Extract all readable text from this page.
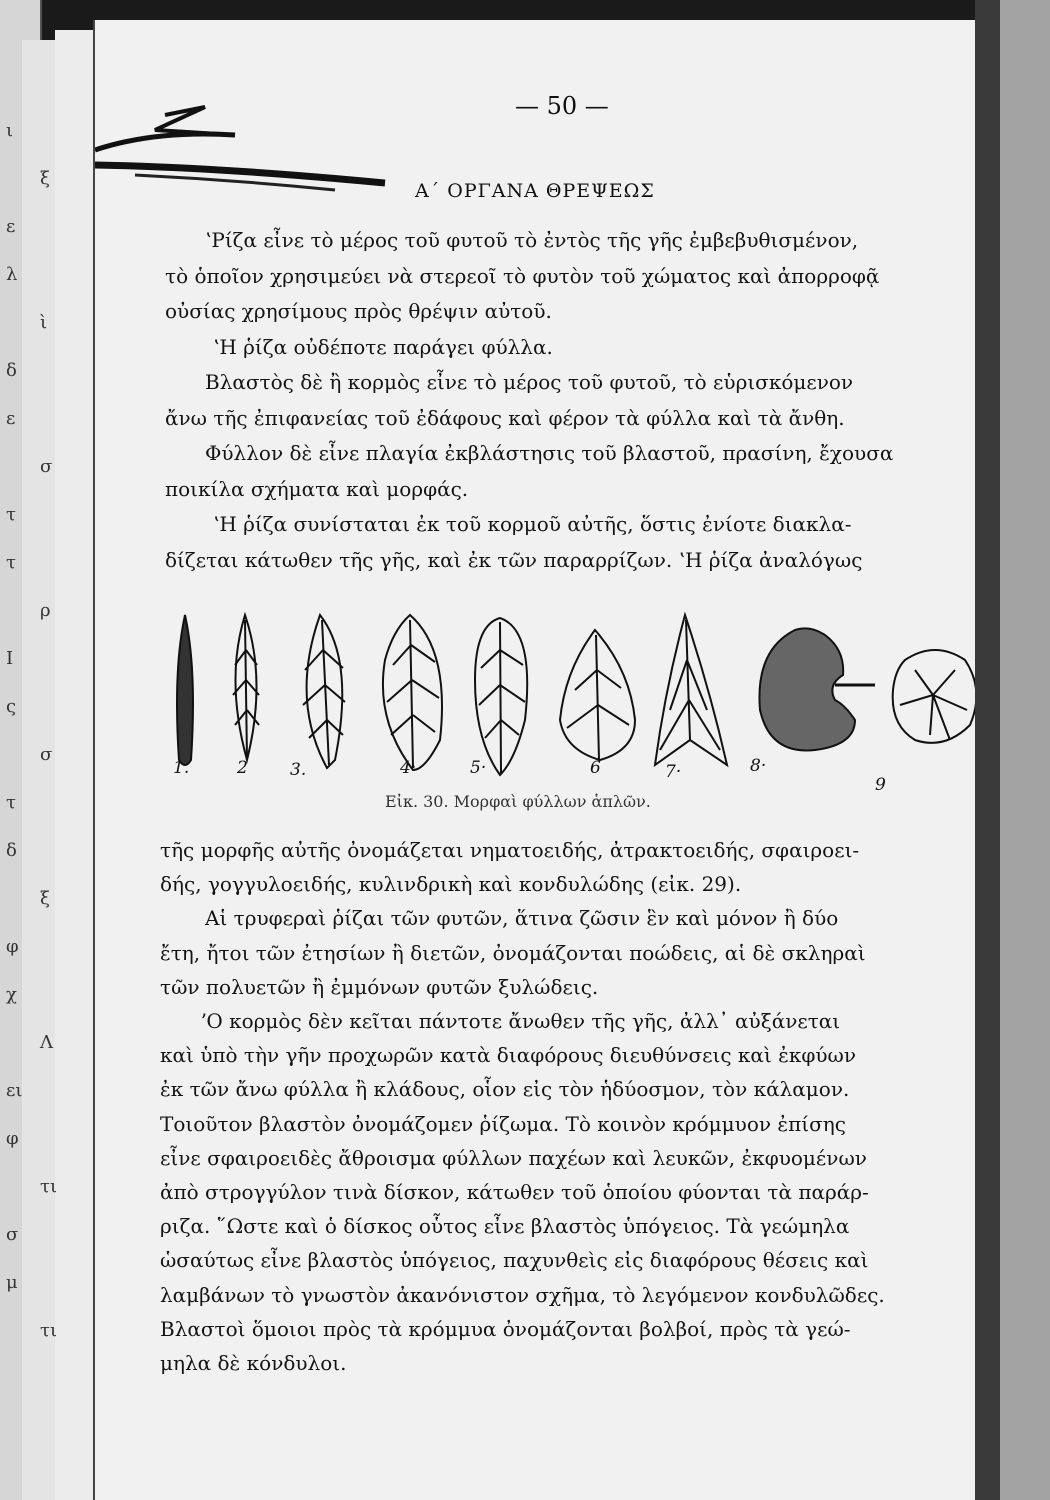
ι
ξ
ε
λ
ὶ
δ
ε
σ
τ
τ
ρ
Ι
ς
σ
τ
δ
ξ
φ
χ
Λ
ει
φ
τι
σ
μ
τι
— 50 —
Α΄ ΟΡΓΑΝΑ ΘΡΕΨΕΩΣ
ʽΡίζα εἶνε τὸ μέρος τοῦ φυτοῦ τὸ ἐντὸς τῆς γῆς ἐμβεβυθισμένον,
τὸ ὁποῖον χρησιμεύει νὰ στερεοῖ τὸ φυτὸν τοῦ χώματος καὶ ἀπορροφᾷ
οὐσίας χρησίμους πρὸς θρέψιν αὐτοῦ.
ʽΗ ῥίζα οὐδέποτε παράγει φύλλα.
Βλαστὸς δὲ ἢ κορμὸς εἶνε τὸ μέρος τοῦ φυτοῦ, τὸ εὑρισκόμενον
ἄνω τῆς ἐπιφανείας τοῦ ἐδάφους καὶ φέρον τὰ φύλλα καὶ τὰ ἄνθη.
Φύλλον δὲ εἶνε πλαγία ἐκβλάστησις τοῦ βλαστοῦ, πρασίνη, ἔχουσα
ποικίλα σχήματα καὶ μορφάς.
ʽΗ ῥίζα συνίσταται ἐκ τοῦ κορμοῦ αὐτῆς, ὅστις ἐνίοτε διακλα-
δίζεται κάτωθεν τῆς γῆς, καὶ ἐκ τῶν παραρρίζων. ʽΗ ῥίζα ἀναλόγως
1.	2 3.	4·	5·	6	7·	8·
9
Εἰκ. 30. Μορφαὶ φύλλων ἁπλῶν.
τῆς μορφῆς αὐτῆς ὀνομάζεται νηματοειδής, ἀτρακτοειδής, σφαιροει-
δής, γογγυλοειδής, κυλινδρικὴ καὶ κονδυλώδης (εἰκ. 29).
Αἱ τρυφεραὶ ῥίζαι τῶν φυτῶν, ἅτινα ζῶσιν ἓν καὶ μόνον ἢ δύο
ἔτη, ἤτοι τῶν ἐτησίων ἢ διετῶν, ὀνομάζονται ποώδεις, αἱ δὲ σκληραὶ
τῶν πολυετῶν ἢ ἐμμόνων φυτῶν ξυλώδεις.
ʼΟ κορμὸς δὲν κεῖται πάντοτε ἄνωθεν τῆς γῆς, ἀλλ᾽ αὐξάνεται
καὶ ὑπὸ τὴν γῆν προχωρῶν κατὰ διαφόρους διευθύνσεις καὶ ἐκφύων
ἐκ τῶν ἄνω φύλλα ἢ κλάδους, οἷον εἰς τὸν ἡδύοσμον, τὸν κάλαμον.
Τοιοῦτον βλαστὸν ὀνομάζομεν ῥίζωμα. Τὸ κοινὸν κρόμμυον ἐπίσης
εἶνε σφαιροειδὲς ἄθροισμα φύλλων παχέων καὶ λευκῶν, ἐκφυομένων
ἀπὸ στρογγύλον τινὰ δίσκον, κάτωθεν τοῦ ὁποίου φύονται τὰ παράρ-
ριζα. ῞Ωστε καὶ ὁ δίσκος οὗτος εἶνε βλαστὸς ὑπόγειος. Τὰ γεώμηλα
ὡσαύτως εἶνε βλαστὸς ὑπόγειος, παχυνθεὶς εἰς διαφόρους θέσεις καὶ
λαμβάνων τὸ γνωστὸν ἀκανόνιστον σχῆμα, τὸ λεγόμενον κονδυλῶδες.
Βλαστοὶ ὅμοιοι πρὸς τὰ κρόμμυα ὀνομάζονται βολβοί, πρὸς τὰ γεώ-
μηλα δὲ κόνδυλοι.
